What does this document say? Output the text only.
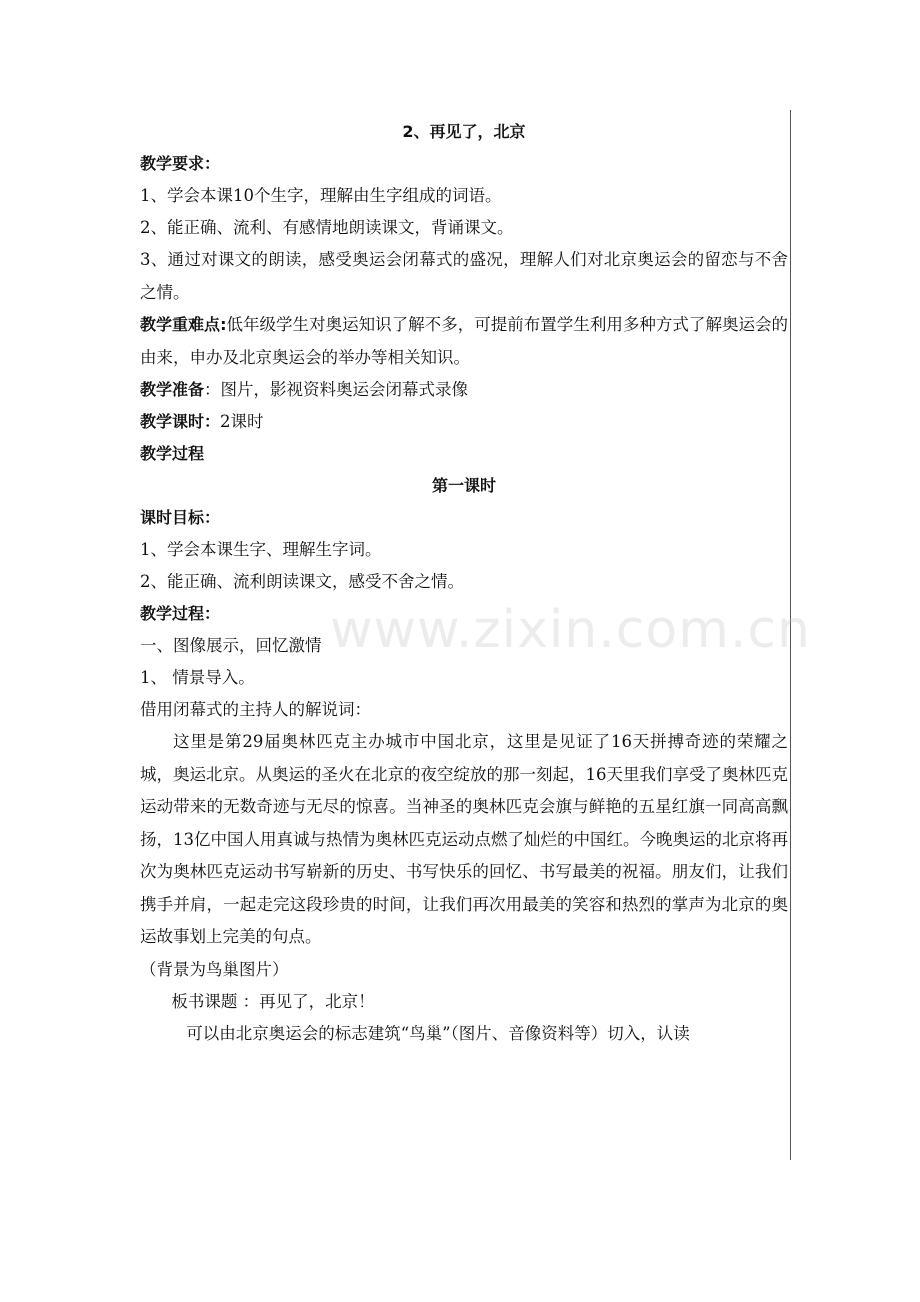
www.zixin.com.cn
2、再见了，北京
教学要求：
1、学会本课10个生字，理解由生字组成的词语。
2、能正确、流利、有感情地朗读课文，背诵课文。
3、通过对课文的朗读，感受奥运会闭幕式的盛况，理解人们对北京奥运会的留恋与不舍之情。
教学重难点:低年级学生对奥运知识了解不多，可提前布置学生利用多种方式了解奥运会的由来，申办及北京奥运会的举办等相关知识。
教学准备：图片，影视资料奥运会闭幕式录像
教学课时：2课时
教学过程
第一课时
课时目标：
1、学会本课生字、理解生字词。
2、能正确、流利朗读课文，感受不舍之情。
教学过程：
一、图像展示，回忆激情
1、 情景导入。
借用闭幕式的主持人的解说词：
这里是第29届奥林匹克主办城市中国北京，这里是见证了16天拼搏奇迹的荣耀之城，奥运北京。从奥运的圣火在北京的夜空绽放的那一刻起，16天里我们享受了奥林匹克运动带来的无数奇迹与无尽的惊喜。当神圣的奥林匹克会旗与鲜艳的五星红旗一同高高飘扬，13亿中国人用真诚与热情为奥林匹克运动点燃了灿烂的中国红。今晚奥运的北京将再次为奥林匹克运动书写崭新的历史、书写快乐的回忆、书写最美的祝福。朋友们，让我们携手并肩，一起走完这段珍贵的时间，让我们再次用最美的笑容和热烈的掌声为北京的奥运故事划上完美的句点。
（背景为鸟巢图片）
板书课题 ：再见了，北京！
可以由北京奥运会的标志建筑“鸟巢”（图片、音像资料等）切入，认读
